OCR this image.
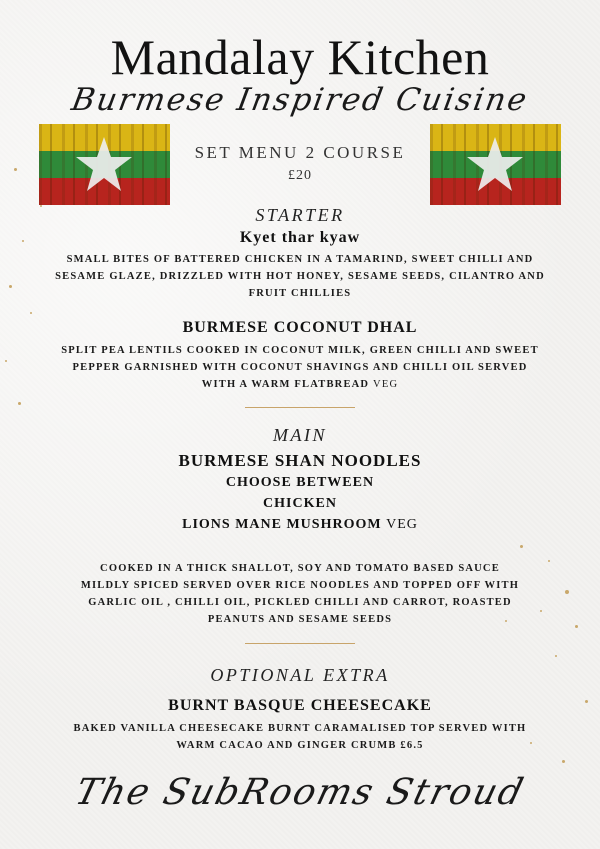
Mandalay Kitchen
Burmese Inspired Cuisine
SET MENU 2 COURSE
£20
STARTER
Kyet thar kyaw
SMALL BITES OF BATTERED CHICKEN IN A TAMARIND, SWEET CHILLI AND
SESAME GLAZE, DRIZZLED WITH HOT HONEY, SESAME SEEDS, CILANTRO AND
FRUIT CHILLIES
BURMESE COCONUT DHAL
SPLIT PEA LENTILS COOKED IN COCONUT MILK, GREEN CHILLI AND SWEET
PEPPER GARNISHED WITH COCONUT SHAVINGS AND CHILLI OIL SERVED
WITH A WARM FLATBREAD VEG
MAIN
BURMESE SHAN NOODLES
CHOOSE BETWEEN
CHICKEN
LIONS MANE MUSHROOM VEG
COOKED IN A THICK SHALLOT, SOY AND TOMATO BASED SAUCE
MILDLY SPICED SERVED OVER RICE NOODLES AND TOPPED OFF WITH
GARLIC OIL , CHILLI OIL, PICKLED CHILLI AND CARROT, ROASTED
PEANUTS AND SESAME SEEDS
OPTIONAL EXTRA
BURNT BASQUE CHEESECAKE
BAKED VANILLA CHEESECAKE BURNT CARAMALISED TOP SERVED WITH
WARM CACAO AND GINGER CRUMB £6.5
The SubRooms Stroud
